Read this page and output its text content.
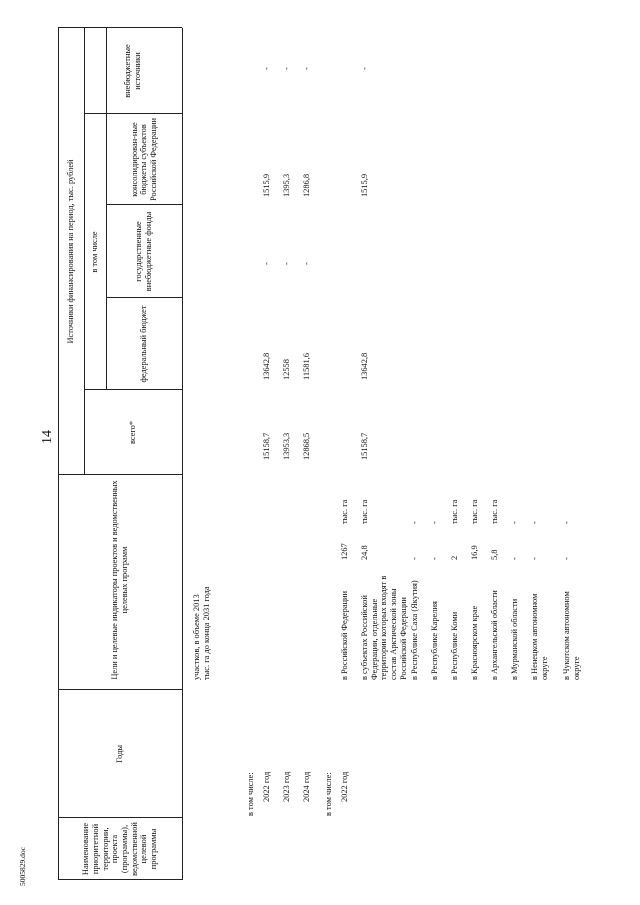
14
5005829.doc	Наименование приоритетной территории, проекта (программы), ведомственной целевой программы
Годы
Цели и целевые индикаторы проектов и ведомственных целевых программ
Источники финансирования на период, тыс. рублей
всего*
в том числе
федеральный бюджет
государственные внебюджетные фонды
консолидирован-ные бюджеты субъектов Российской Федерации
внебюджетные источники
участков, в объеме 2013 тыс. га до конца 2031 года
в том числе: 2022 год
15158,7
13642,8
-
1515,9
-
2023 год
13953,3
12558
-
1395,3
-
2024 год
12868,5
11581,6
-
1286,8
-
в том числе: 2022 год
в Российской Федерации
1267
тыс. га
в субъектах Российской Федерации, отдельные территории которых входят в состав Арктической зоны Российской Федерации
24,8
тыс. га
15158,7
13642,8
1515,9
-
в Республике Саха (Якутия)
-
-
в Республике Карелия
-
-
в Республике Коми
2
тыс. га
в Красноярском крае
16,9
тыс. га
в Архангельской области
5,8
тыс. га
в Мурманской области
-
-
в Ненецком автономном округе
-
-
в Чукотском автономном округе
-
-
